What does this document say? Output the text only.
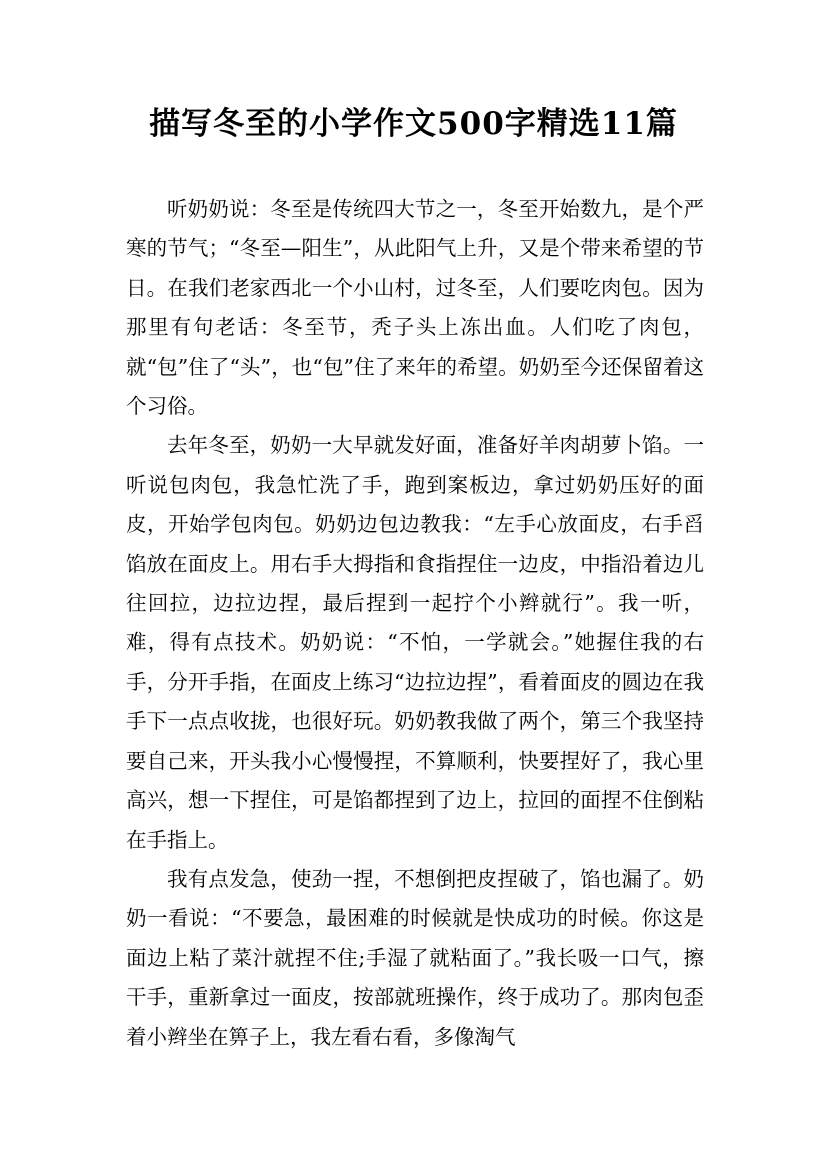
描写冬至的小学作文500字精选11篇

听奶奶说：冬至是传统四大节之一，冬至开始数九，是个严寒的节气；“冬至—阳生”，从此阳气上升，又是个带来希望的节日。在我们老家西北一个小山村，过冬至，人们要吃肉包。因为那里有句老话：冬至节，秃子头上冻出血。人们吃了肉包，就“包”住了“头”，也“包”住了来年的希望。奶奶至今还保留着这个习俗。

去年冬至，奶奶一大早就发好面，准备好羊肉胡萝卜馅。一听说包肉包，我急忙洗了手，跑到案板边，拿过奶奶压好的面皮，开始学包肉包。奶奶边包边教我：“左手心放面皮，右手舀馅放在面皮上。用右手大拇指和食指捏住一边皮，中指沿着边儿往回拉，边拉边捏，最后捏到一起拧个小辫就行”。我一听，难，得有点技术。奶奶说：“不怕，一学就会。”她握住我的右手，分开手指，在面皮上练习“边拉边捏”，看着面皮的圆边在我手下一点点收拢，也很好玩。奶奶教我做了两个，第三个我坚持要自己来，开头我小心慢慢捏，不算顺利，快要捏好了，我心里高兴，想一下捏住，可是馅都捏到了边上，拉回的面捏不住倒粘在手指上。

我有点发急，使劲一捏，不想倒把皮捏破了，馅也漏了。奶奶一看说：“不要急，最困难的时候就是快成功的时候。你这是面边上粘了菜汁就捏不住;手湿了就粘面了。”我长吸一口气，擦干手，重新拿过一面皮，按部就班操作，终于成功了。那肉包歪着小辫坐在箅子上，我左看右看，多像淘气
